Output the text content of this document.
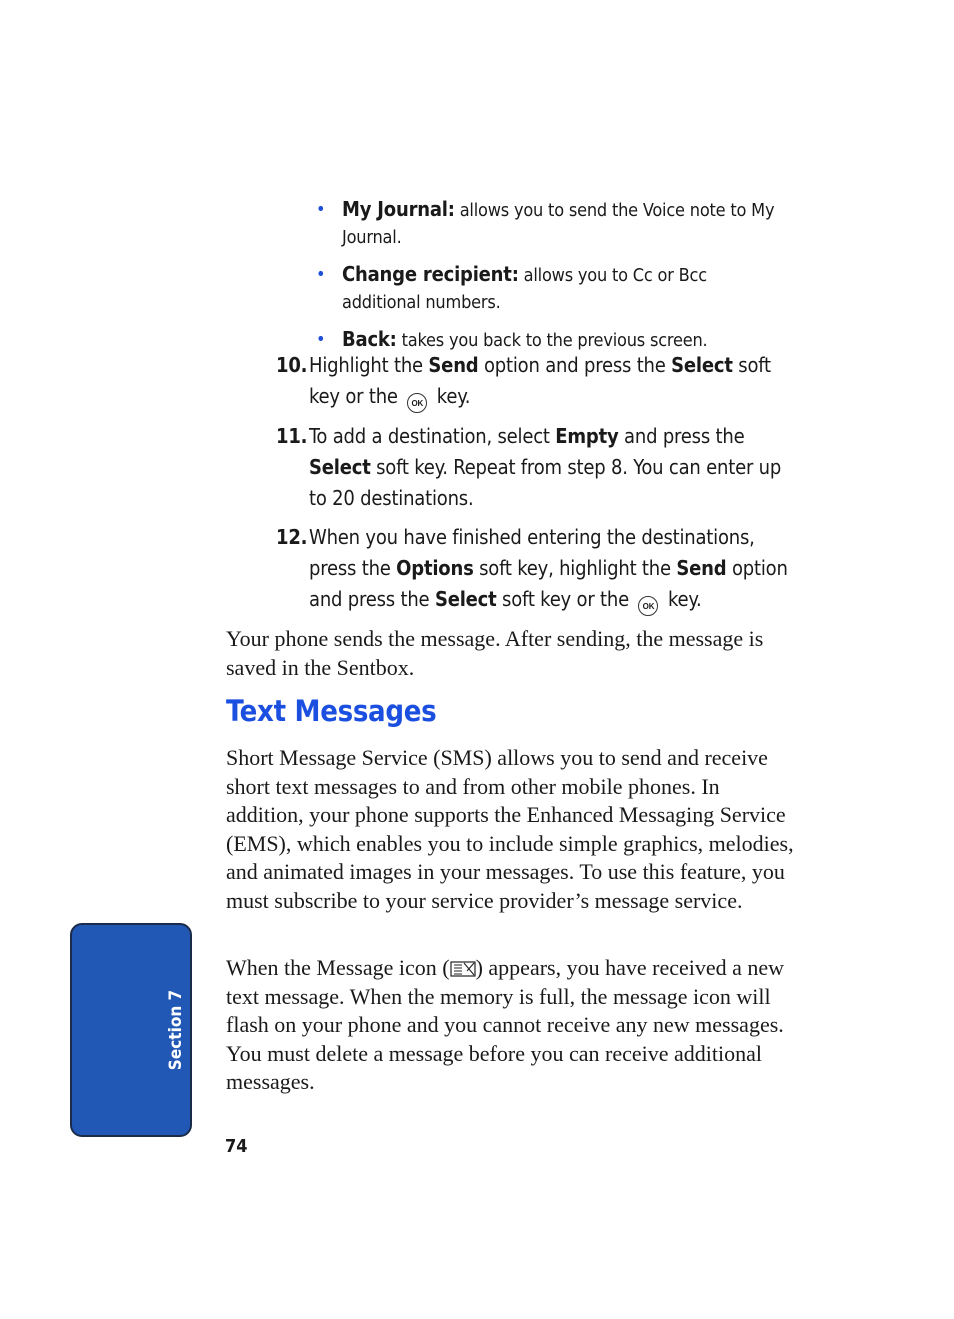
• My Journal: allows you to send the Voice note to My Journal.
• Change recipient: allows you to Cc or Bcc additional numbers.
• Back: takes you back to the previous screen.
10. Highlight the Send option and press the Select soft key or the OK key.
11. To add a destination, select Empty and press the Select soft key. Repeat from step 8. You can enter up to 20 destinations.
12. When you have finished entering the destinations, press the Options soft key, highlight the Send option and press the Select soft key or the OK key.
Your phone sends the message. After sending, the message is saved in the Sentbox.
Text Messages
Short Message Service (SMS) allows you to send and receive short text messages to and from other mobile phones. In addition, your phone supports the Enhanced Messaging Service (EMS), which enables you to include simple graphics, melodies, and animated images in your messages. To use this feature, you must subscribe to your service provider’s message service.
When the Message icon ( ) appears, you have received a new text message. When the memory is full, the message icon will flash on your phone and you cannot receive any new messages. You must delete a message before you can receive additional messages.
Section 7
74
